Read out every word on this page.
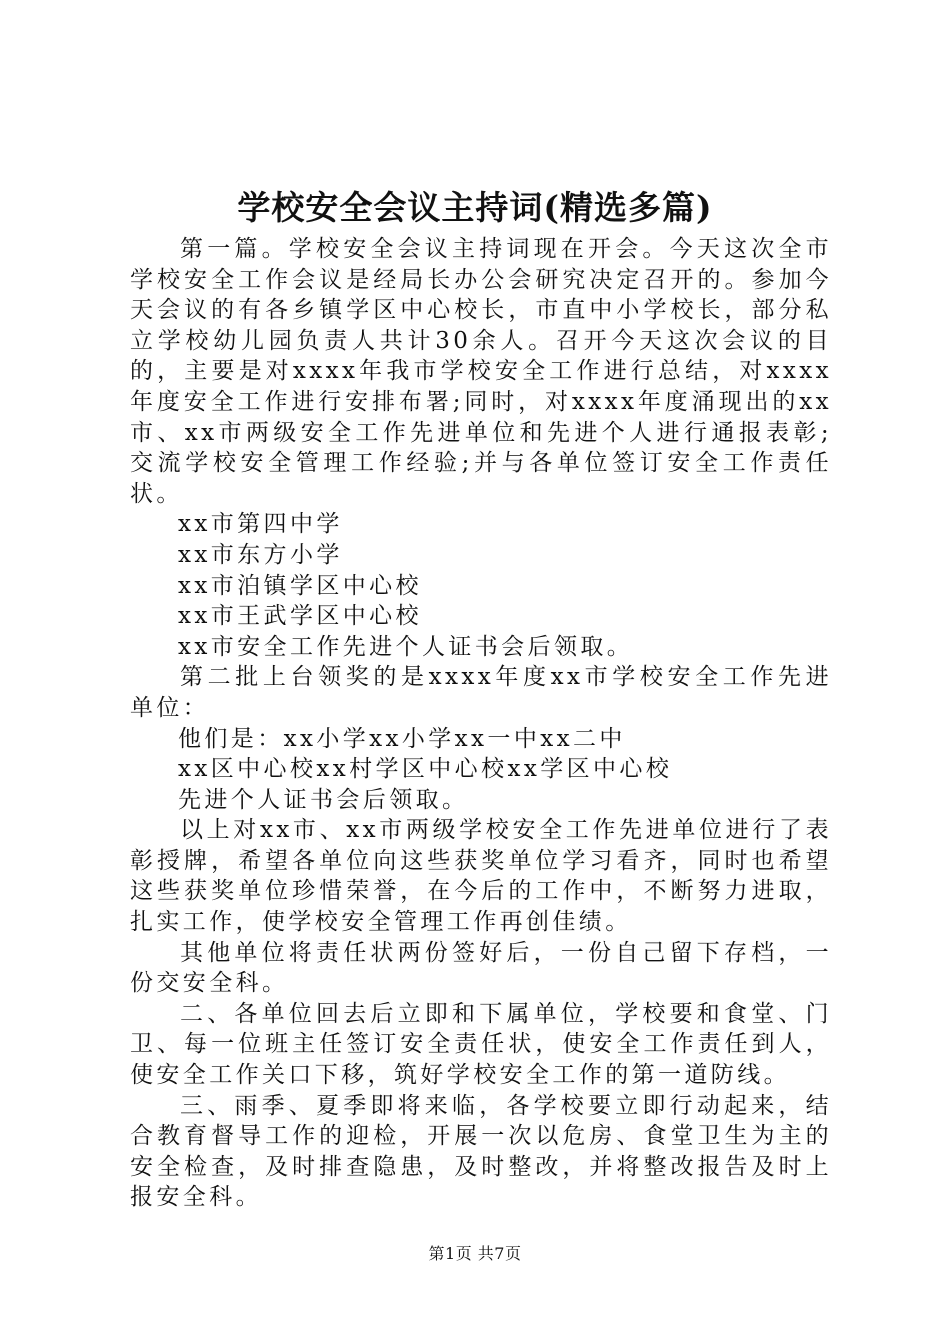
学校安全会议主持词(精选多篇)

第一篇。学校安全会议主持词现在开会。今天这次全市学校安全工作会议是经局长办公会研究决定召开的。参加今天会议的有各乡镇学区中心校长，市直中小学校长，部分私立学校幼儿园负责人共计30余人。召开今天这次会议的目的，主要是对xxxx年我市学校安全工作进行总结，对xxxx年度安全工作进行安排布署;同时，对xxxx年度涌现出的xx市、xx市两级安全工作先进单位和先进个人进行通报表彰;交流学校安全管理工作经验;并与各单位签订安全工作责任状。

xx市第四中学

xx市东方小学

xx市泊镇学区中心校

xx市王武学区中心校

xx市安全工作先进个人证书会后领取。

第二批上台领奖的是xxxx年度xx市学校安全工作先进单位：

他们是：xx小学xx小学xx一中xx二中

xx区中心校xx村学区中心校xx学区中心校

先进个人证书会后领取。

以上对xx市、xx市两级学校安全工作先进单位进行了表彰授牌，希望各单位向这些获奖单位学习看齐，同时也希望这些获奖单位珍惜荣誉，在今后的工作中，不断努力进取，扎实工作，使学校安全管理工作再创佳绩。

其他单位将责任状两份签好后，一份自己留下存档，一份交安全科。

二、各单位回去后立即和下属单位，学校要和食堂、门卫、每一位班主任签订安全责任状，使安全工作责任到人，使安全工作关口下移，筑好学校安全工作的第一道防线。

三、雨季、夏季即将来临，各学校要立即行动起来，结合教育督导工作的迎检，开展一次以危房、食堂卫生为主的安全检查，及时排查隐患，及时整改，并将整改报告及时上报安全科。

第1页 共7页
